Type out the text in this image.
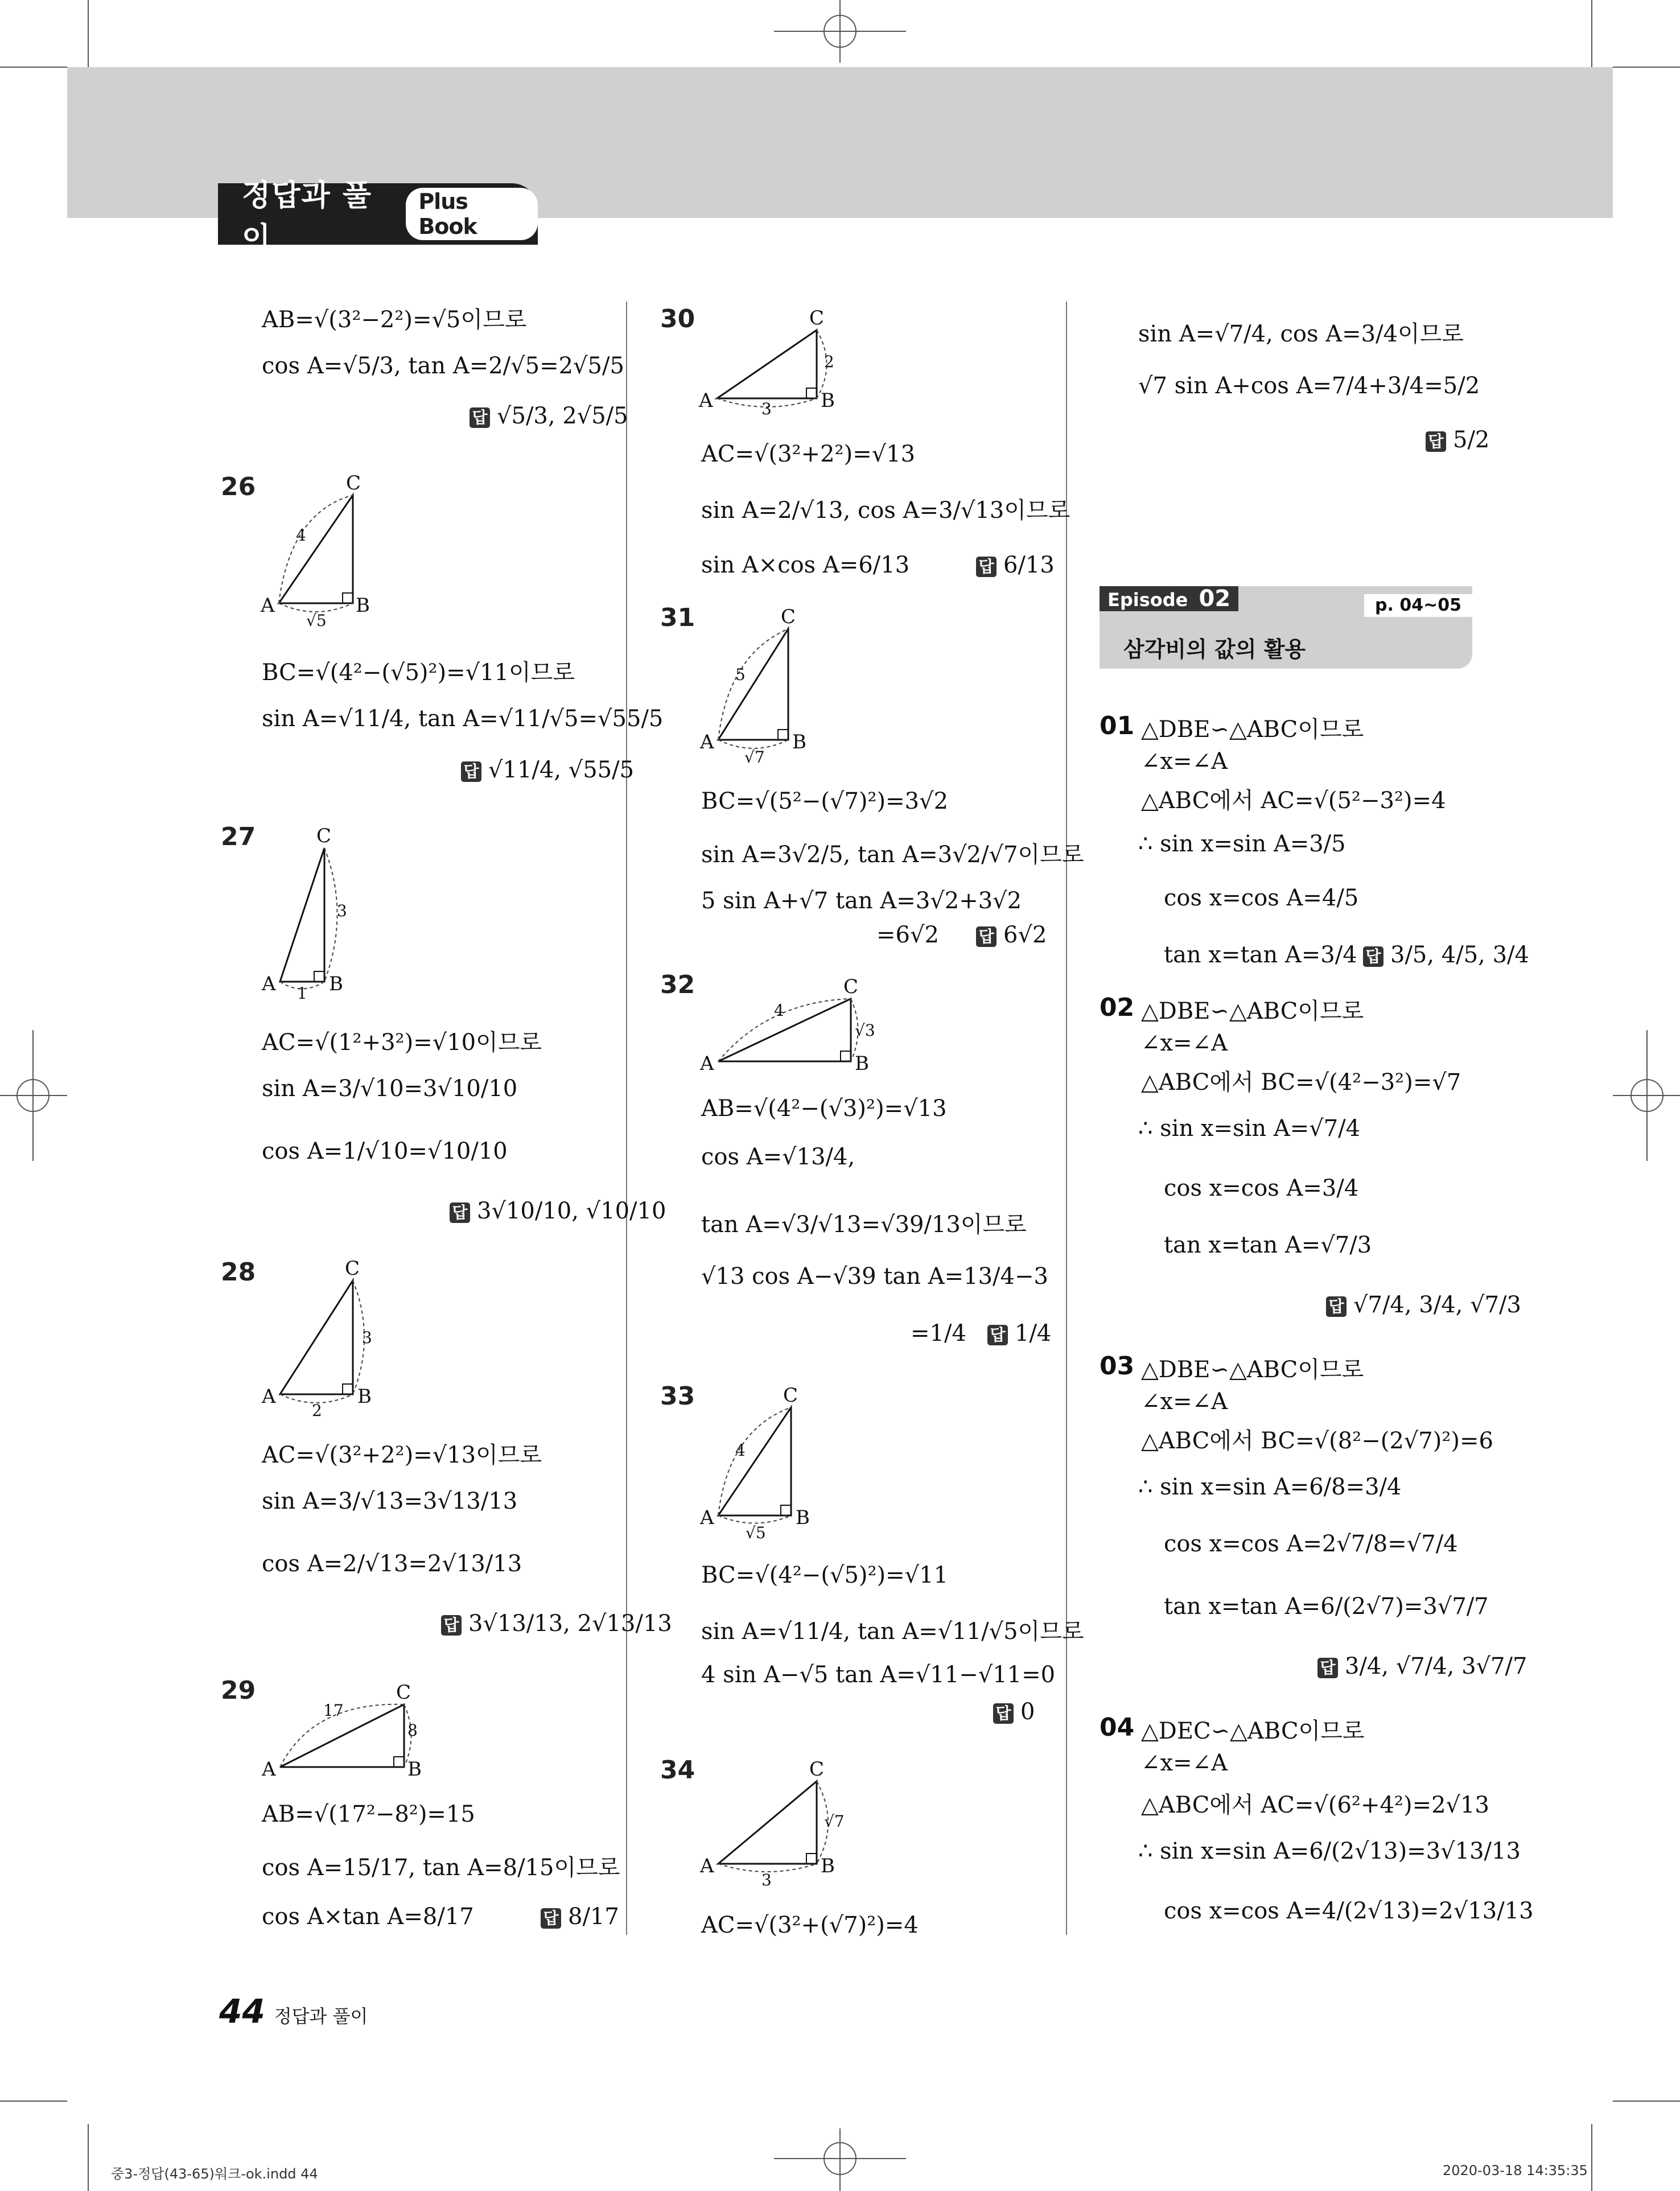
정답과 풀이
Plus Book
AB=√(3²−2²)=√5이므로
cos A=√5/3, tan A=2/√5=2√5/5
답 √5/3, 2√5/5
26	C
A	B
4
√5
BC=√(4²−(√5)²)=√11이므로
sin A=√11/4, tan A=√11/√5=√55/5
답 √11/4, √55/5
27	C
A	B
3
1
AC=√(1²+3²)=√10이므로
sin A=3/√10=3√10/10
cos A=1/√10=√10/10
답 3√10/10, √10/10
28	C
A	B
3
2
AC=√(3²+2²)=√13이므로
sin A=3/√13=3√13/13
cos A=2/√13=2√13/13
답 3√13/13, 2√13/13
29	C
A	B
17
8
AB=√(17²−8²)=15
cos A=15/17, tan A=8/15이므로
cos A×tan A=8/17	답 8/17
30	C
A	B
2
3
AC=√(3²+2²)=√13
sin A=2/√13, cos A=3/√13이므로
sin A×cos A=6/13	답 6/13
31	C
A	B
5
√7
BC=√(5²−(√7)²)=3√2
sin A=3√2/5, tan A=3√2/√7이므로
5 sin A+√7 tan A=3√2+3√2
=6√2 답 6√2
32	C
A	B
4
√3
AB=√(4²−(√3)²)=√13
cos A=√13/4,
tan A=√3/√13=√39/13이므로
√13 cos A−√39 tan A=13/4−3
=1/4 답 1/4
33	C
A	B
4
√5
BC=√(4²−(√5)²)=√11
sin A=√11/4, tan A=√11/√5이므로
4 sin A−√5 tan A=√11−√11=0
답 0
34	C
A	B
√7
3
AC=√(3²+(√7)²)=4
sin A=√7/4, cos A=3/4이므로
√7 sin A+cos A=7/4+3/4=5/2
답 5/2
Episode 02	p. 04~05
삼각비의 값의 활용
01 △DBE∽△ABC이므로
∠x=∠A
△ABC에서 AC=√(5²−3²)=4
∴ sin x=sin A=3/5
cos x=cos A=4/5
tan x=tan A=3/4 답 3/5, 4/5, 3/4
02 △DBE∽△ABC이므로
∠x=∠A
△ABC에서 BC=√(4²−3²)=√7
∴ sin x=sin A=√7/4
cos x=cos A=3/4
tan x=tan A=√7/3
답 √7/4, 3/4, √7/3
03 △DBE∽△ABC이므로
∠x=∠A
△ABC에서 BC=√(8²−(2√7)²)=6
∴ sin x=sin A=6/8=3/4
cos x=cos A=2√7/8=√7/4
tan x=tan A=6/(2√7)=3√7/7
답 3/4, √7/4, 3√7/7
04 △DEC∽△ABC이므로
∠x=∠A
△ABC에서 AC=√(6²+4²)=2√13
∴ sin x=sin A=6/(2√13)=3√13/13
cos x=cos A=4/(2√13)=2√13/13
44 정답과 풀이
중3-정답(43-65)워크-ok.indd 44	2020-03-18 14:35:35
